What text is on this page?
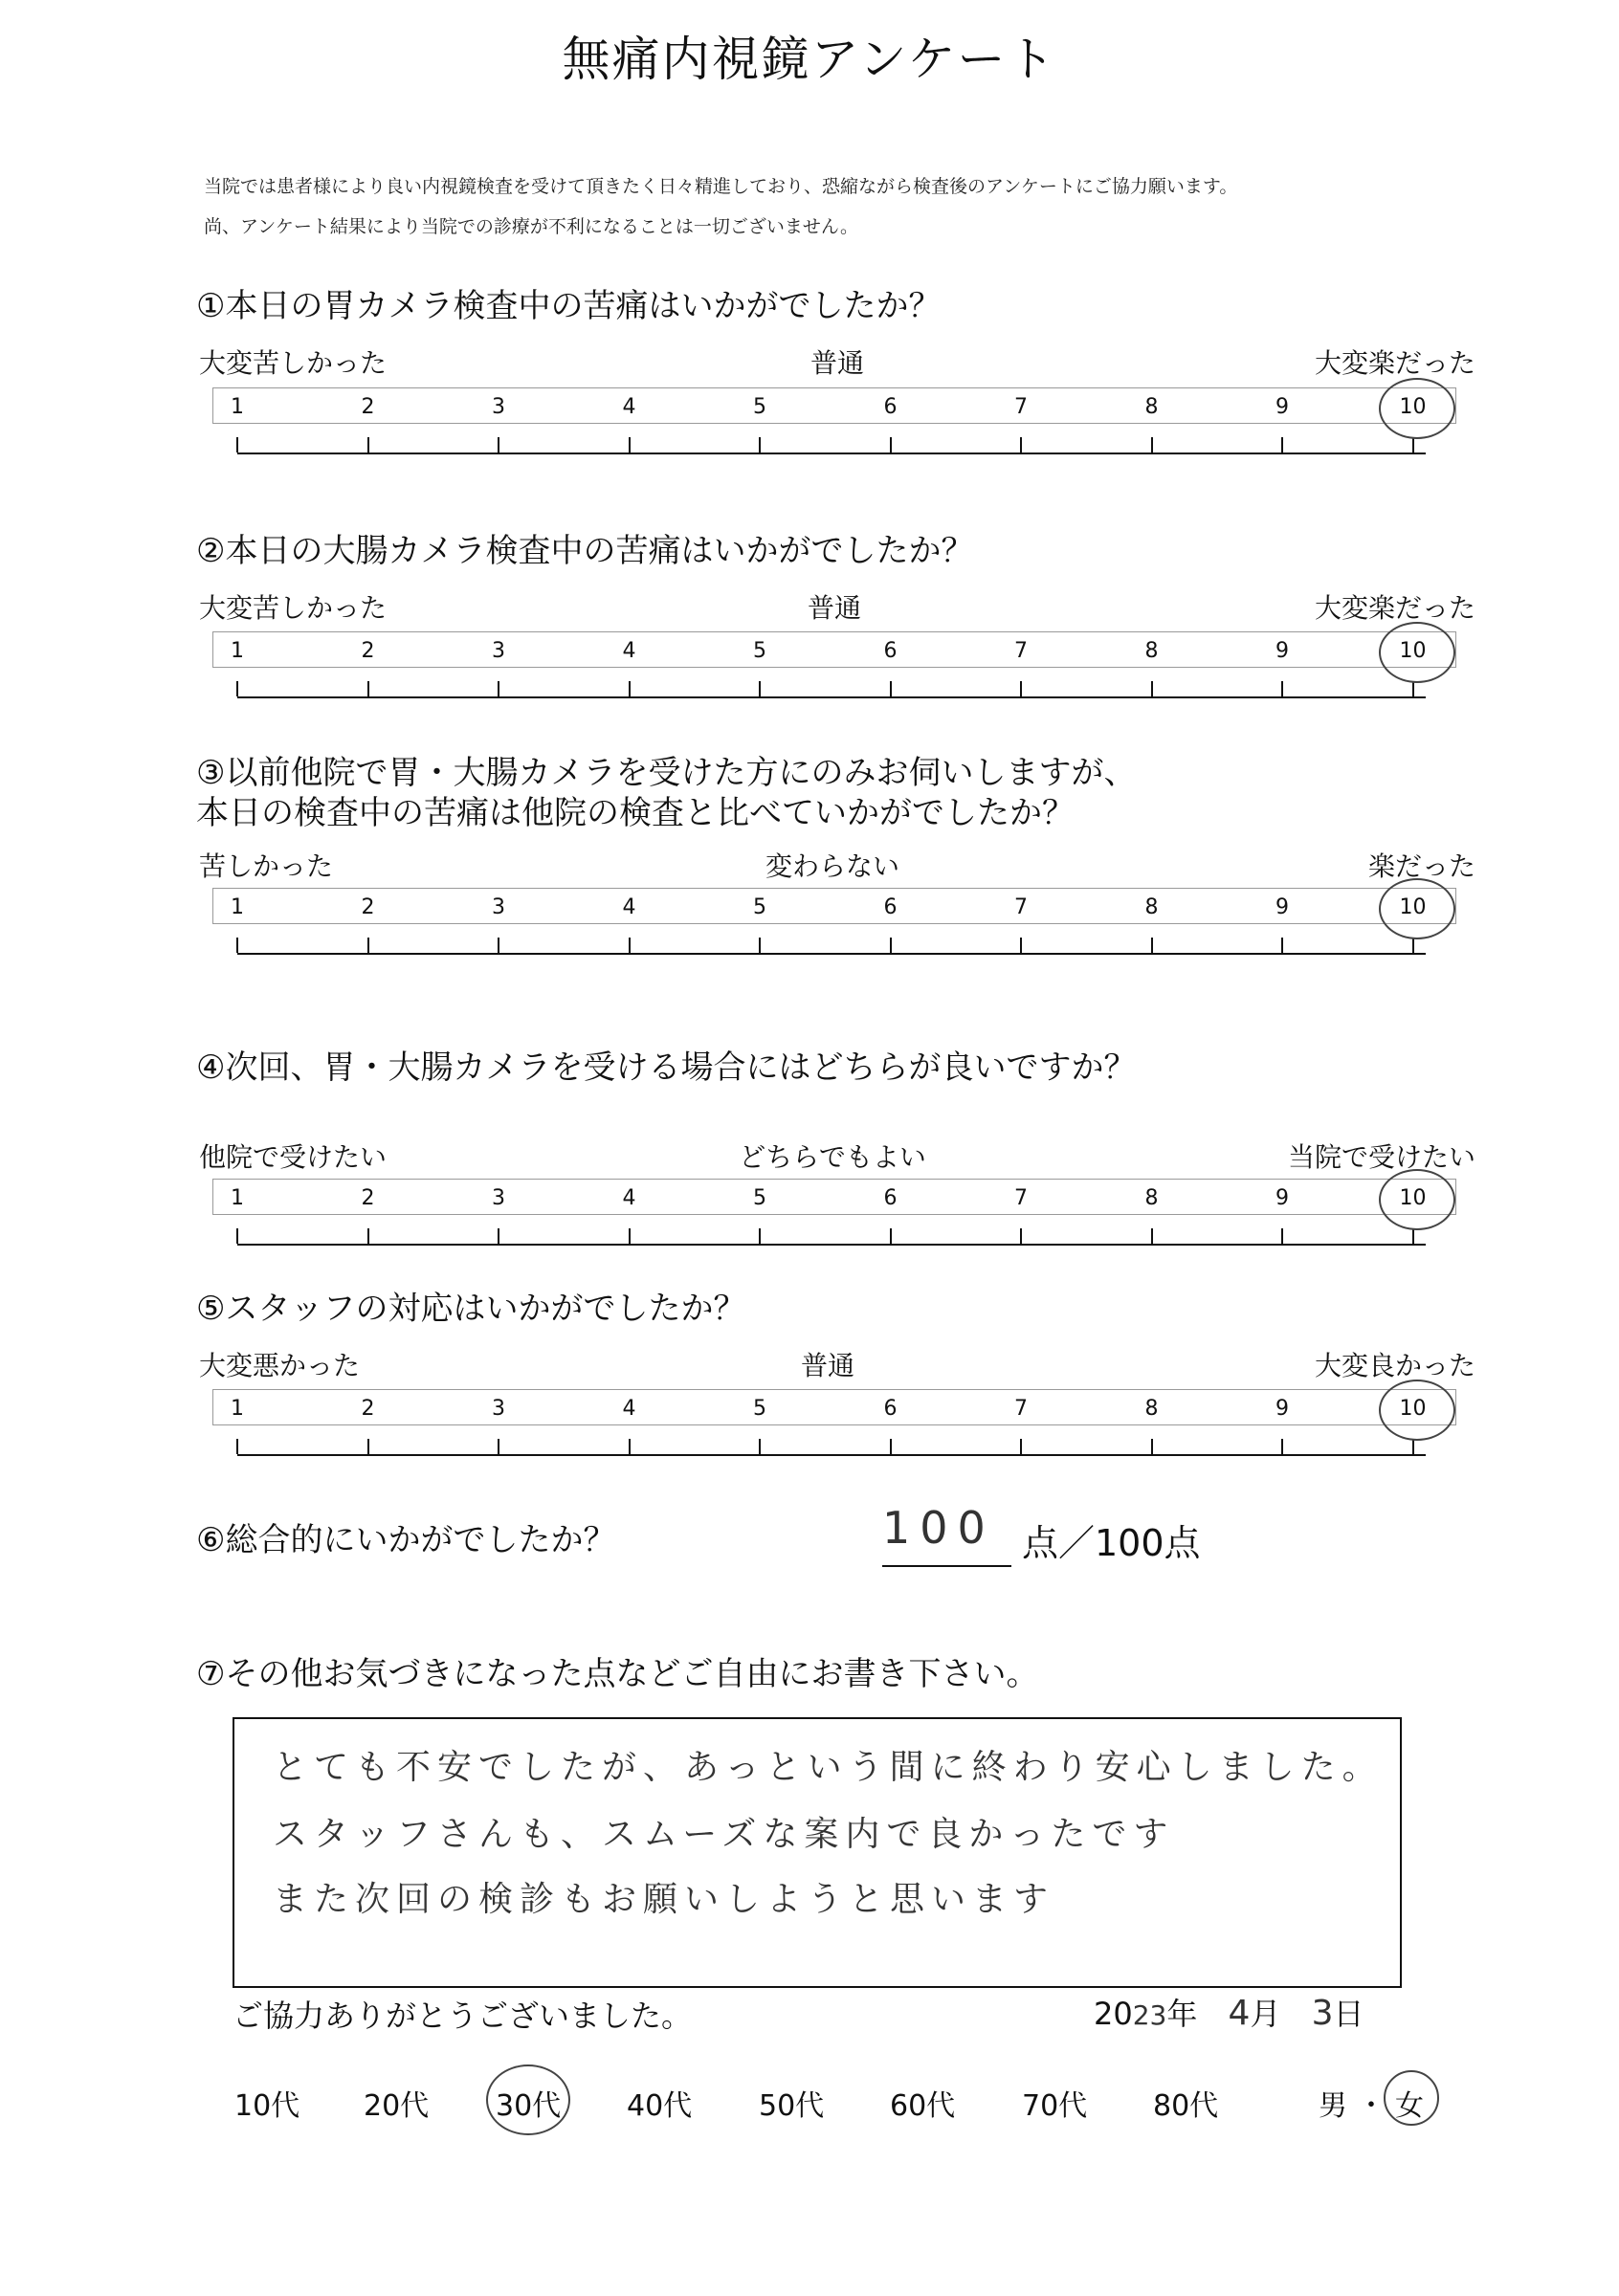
無痛内視鏡アンケート
当院では患者様により良い内視鏡検査を受けて頂きたく日々精進しており、恐縮ながら検査後のアンケートにご協力願います。
尚、アンケート結果により当院での診療が不利になることは一切ございません。
①本日の胃カメラ検査中の苦痛はいかがでしたか？
大変苦しかった	普通	大変楽だった
1	2	3	4	5	6	7	8	9	10
②本日の大腸カメラ検査中の苦痛はいかがでしたか？
大変苦しかった	普通	大変楽だった
1	2	3	4	5	6	7	8	9	10
③以前他院で胃・大腸カメラを受けた方にのみお伺いしますが、
本日の検査中の苦痛は他院の検査と比べていかがでしたか？
苦しかった	変わらない	楽だった
1	2	3	4	5	6	7	8	9	10
④次回、胃・大腸カメラを受ける場合にはどちらが良いですか？
他院で受けたい	どちらでもよい	当院で受けたい
1	2	3	4	5	6	7	8	9	10
⑤スタッフの対応はいかがでしたか？
大変悪かった	普通	大変良かった
1	2	3	4	5	6	7	8	9	10
⑥総合的にいかがでしたか？	100 点／100点
⑦その他お気づきになった点などご自由にお書き下さい。
とても不安でしたが、あっという間に終わり安心しました。
スタッフさんも、スムーズな案内で良かったです
また次回の検診もお願いしようと思います
ご協力ありがとうございました。	2023年 4月 3日
10代 20代 30代 40代 50代 60代 70代 80代	男 ・ 女
